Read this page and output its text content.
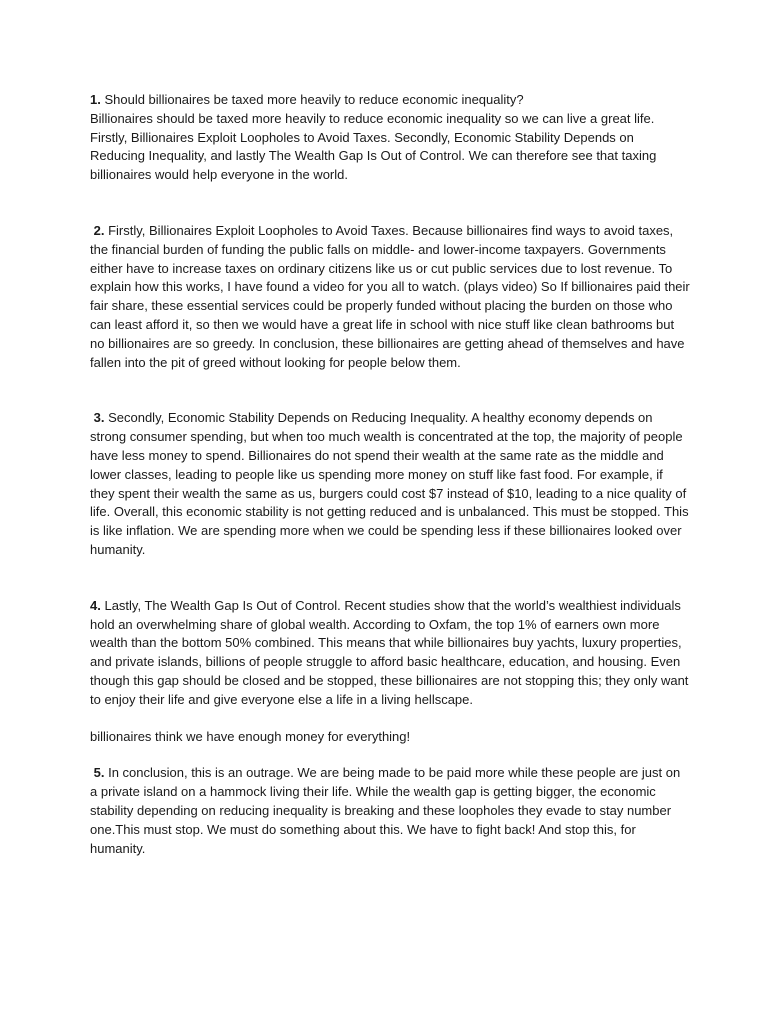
1. Should billionaires be taxed more heavily to reduce economic inequality?

Billionaires should be taxed more heavily to reduce economic inequality so we can live a great life. Firstly, Billionaires Exploit Loopholes to Avoid Taxes. Secondly, Economic Stability Depends on Reducing Inequality, and lastly The Wealth Gap Is Out of Control. We can therefore see that taxing billionaires would help everyone in the world.

2. Firstly, Billionaires Exploit Loopholes to Avoid Taxes. Because billionaires find ways to avoid taxes, the financial burden of funding the public falls on middle- and lower-income taxpayers. Governments either have to increase taxes on ordinary citizens like us or cut public services due to lost revenue. To explain how this works, I have found a video for you all to watch. (plays video) So If billionaires paid their fair share, these essential services could be properly funded without placing the burden on those who can least afford it, so then we would have a great life in school with nice stuff like clean bathrooms but no billionaires are so greedy. In conclusion, these billionaires are getting ahead of themselves and have fallen into the pit of greed without looking for people below them.

3. Secondly, Economic Stability Depends on Reducing Inequality. A healthy economy depends on strong consumer spending, but when too much wealth is concentrated at the top, the majority of people have less money to spend. Billionaires do not spend their wealth at the same rate as the middle and lower classes, leading to people like us spending more money on stuff like fast food. For example, if they spent their wealth the same as us, burgers could cost $7 instead of $10, leading to a nice quality of life. Overall, this economic stability is not getting reduced and is unbalanced. This must be stopped. This is like inflation. We are spending more when we could be spending less if these billionaires looked over humanity.

4. Lastly, The Wealth Gap Is Out of Control. Recent studies show that the world’s wealthiest individuals hold an overwhelming share of global wealth. According to Oxfam, the top 1% of earners own more wealth than the bottom 50% combined. This means that while billionaires buy yachts, luxury properties, and private islands, billions of people struggle to afford basic healthcare, education, and housing. Even though this gap should be closed and be stopped, these billionaires are not stopping this; they only want to enjoy their life and give everyone else a life in a living hellscape.

billionaires think we have enough money for everything!

5. In conclusion, this is an outrage. We are being made to be paid more while these people are just on a private island on a hammock living their life. While the wealth gap is getting bigger, the economic stability depending on reducing inequality is breaking and these loopholes they evade to stay number one.This must stop. We must do something about this. We have to fight back! And stop this, for humanity.
